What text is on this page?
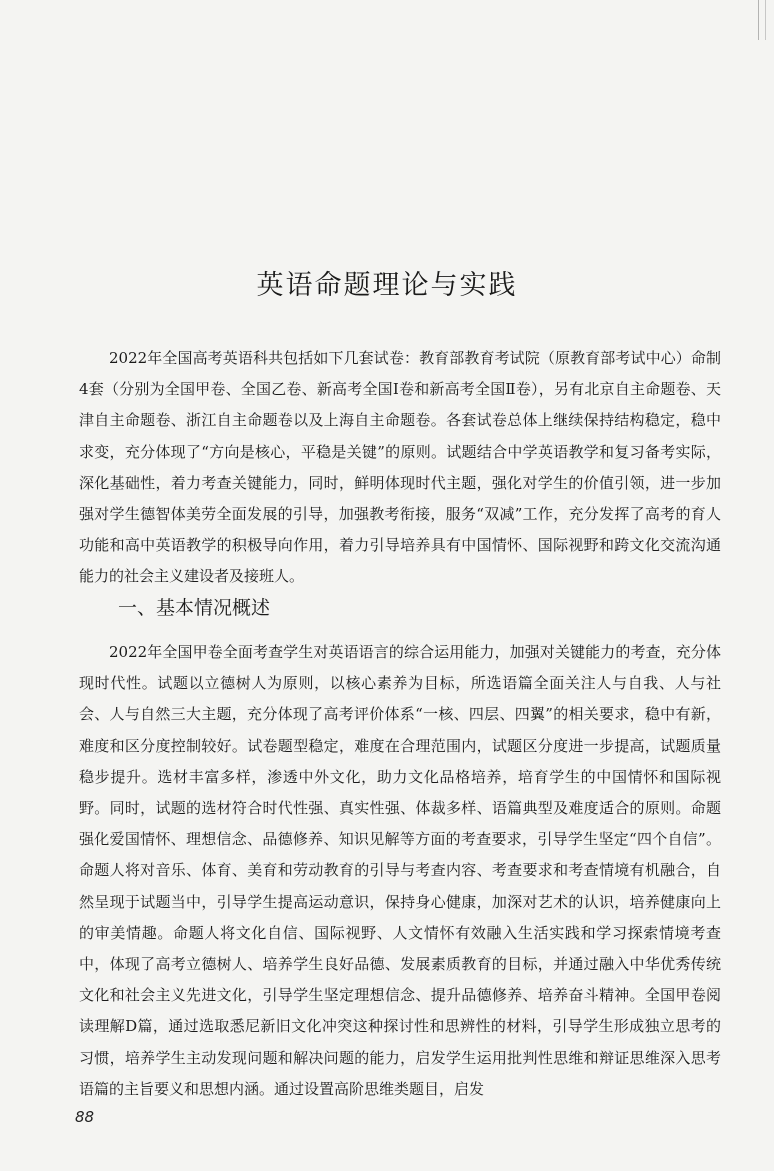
英语命题理论与实践

2022年全国高考英语科共包括如下几套试卷：教育部教育考试院（原教育部考试中心）命制4套（分别为全国甲卷、全国乙卷、新高考全国Ⅰ卷和新高考全国Ⅱ卷），另有北京自主命题卷、天津自主命题卷、浙江自主命题卷以及上海自主命题卷。各套试卷总体上继续保持结构稳定，稳中求变，充分体现了“方向是核心，平稳是关键”的原则。试题结合中学英语教学和复习备考实际，深化基础性，着力考查关键能力，同时，鲜明体现时代主题，强化对学生的价值引领，进一步加强对学生德智体美劳全面发展的引导，加强教考衔接，服务“双减”工作，充分发挥了高考的育人功能和高中英语教学的积极导向作用，着力引导培养具有中国情怀、国际视野和跨文化交流沟通能力的社会主义建设者及接班人。

一、基本情况概述

2022年全国甲卷全面考查学生对英语语言的综合运用能力，加强对关键能力的考查，充分体现时代性。试题以立德树人为原则，以核心素养为目标，所选语篇全面关注人与自我、人与社会、人与自然三大主题，充分体现了高考评价体系“一核、四层、四翼”的相关要求，稳中有新，难度和区分度控制较好。试卷题型稳定，难度在合理范围内，试题区分度进一步提高，试题质量稳步提升。选材丰富多样，渗透中外文化，助力文化品格培养，培育学生的中国情怀和国际视野。同时，试题的选材符合时代性强、真实性强、体裁多样、语篇典型及难度适合的原则。命题强化爱国情怀、理想信念、品德修养、知识见解等方面的考查要求，引导学生坚定“四个自信”。命题人将对音乐、体育、美育和劳动教育的引导与考查内容、考查要求和考查情境有机融合，自然呈现于试题当中，引导学生提高运动意识，保持身心健康，加深对艺术的认识，培养健康向上的审美情趣。命题人将文化自信、国际视野、人文情怀有效融入生活实践和学习探索情境考查中，体现了高考立德树人、培养学生良好品德、发展素质教育的目标，并通过融入中华优秀传统文化和社会主义先进文化，引导学生坚定理想信念、提升品德修养、培养奋斗精神。全国甲卷阅读理解D篇，通过选取悉尼新旧文化冲突这种探讨性和思辨性的材料，引导学生形成独立思考的习惯，培养学生主动发现问题和解决问题的能力，启发学生运用批判性思维和辩证思维深入思考语篇的主旨要义和思想内涵。通过设置高阶思维类题目，启发

88
